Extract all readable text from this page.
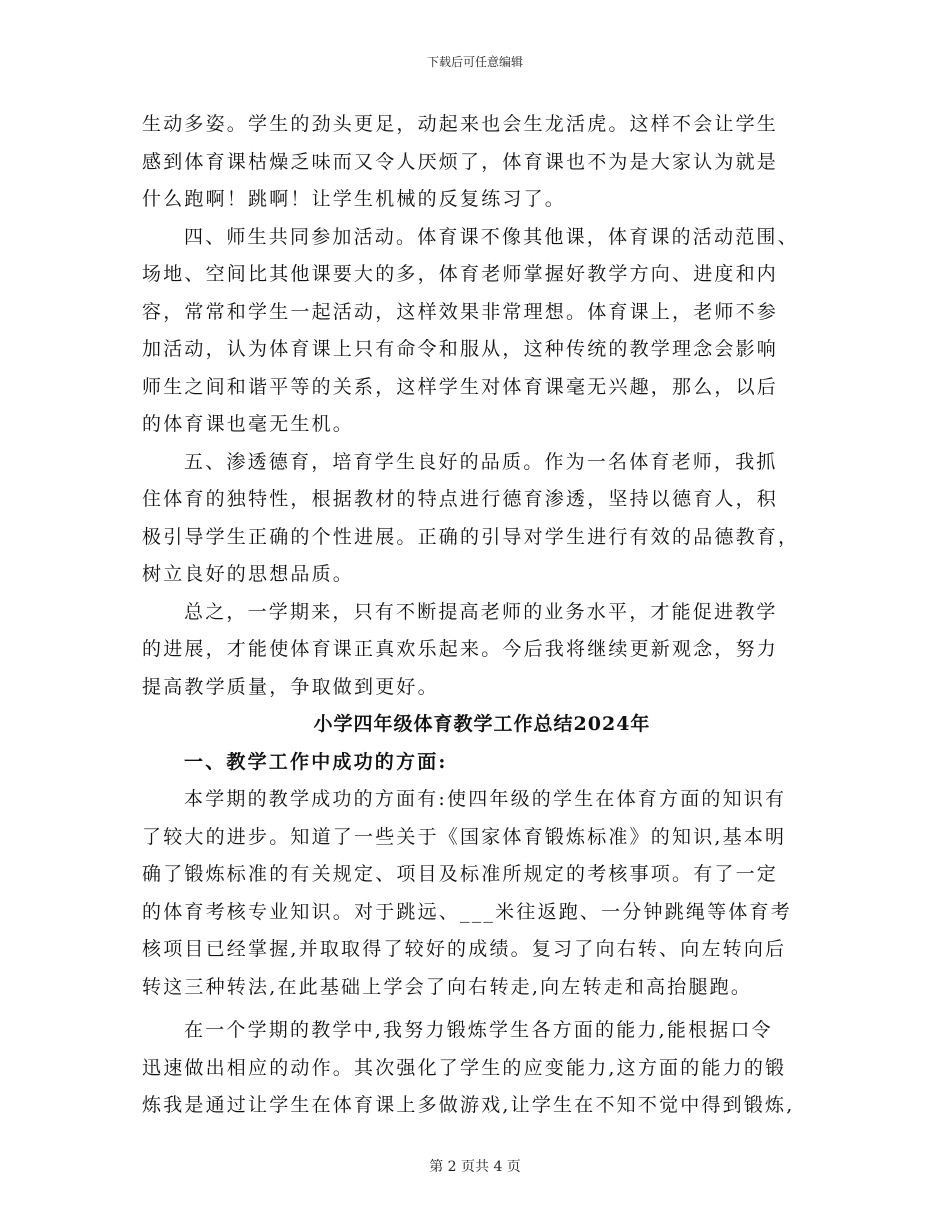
下载后可任意编辑

生动多姿。学生的劲头更足，动起来也会生龙活虎。这样不会让学生

感到体育课枯燥乏味而又令人厌烦了，体育课也不为是大家认为就是

什么跑啊！跳啊！让学生机械的反复练习了。

四、师生共同参加活动。体育课不像其他课，体育课的活动范围、

场地、空间比其他课要大的多，体育老师掌握好教学方向、进度和内

容，常常和学生一起活动，这样效果非常理想。体育课上，老师不参

加活动，认为体育课上只有命令和服从，这种传统的教学理念会影响

师生之间和谐平等的关系，这样学生对体育课毫无兴趣，那么，以后

的体育课也毫无生机。

五、渗透德育，培育学生良好的品质。作为一名体育老师，我抓

住体育的独特性，根据教材的特点进行德育渗透，坚持以德育人，积

极引导学生正确的个性进展。正确的引导对学生进行有效的品德教育，

树立良好的思想品质。

总之，一学期来，只有不断提高老师的业务水平，才能促进教学

的进展，才能使体育课正真欢乐起来。今后我将继续更新观念，努力

提高教学质量，争取做到更好。

小学四年级体育教学工作总结2024年

一、教学工作中成功的方面:

本学期的教学成功的方面有:使四年级的学生在体育方面的知识有

了较大的进步。知道了一些关于《国家体育锻炼标准》的知识,基本明

确了锻炼标准的有关规定、项目及标准所规定的考核事项。有了一定

的体育考核专业知识。对于跳远、___米往返跑、一分钟跳绳等体育考

核项目已经掌握,并取取得了较好的成绩。复习了向右转、向左转向后

转这三种转法,在此基础上学会了向右转走,向左转走和高抬腿跑。

在一个学期的教学中,我努力锻炼学生各方面的能力,能根据口令

迅速做出相应的动作。其次强化了学生的应变能力,这方面的能力的锻

炼我是通过让学生在体育课上多做游戏,让学生在不知不觉中得到锻炼,

第 2 页共 4 页
